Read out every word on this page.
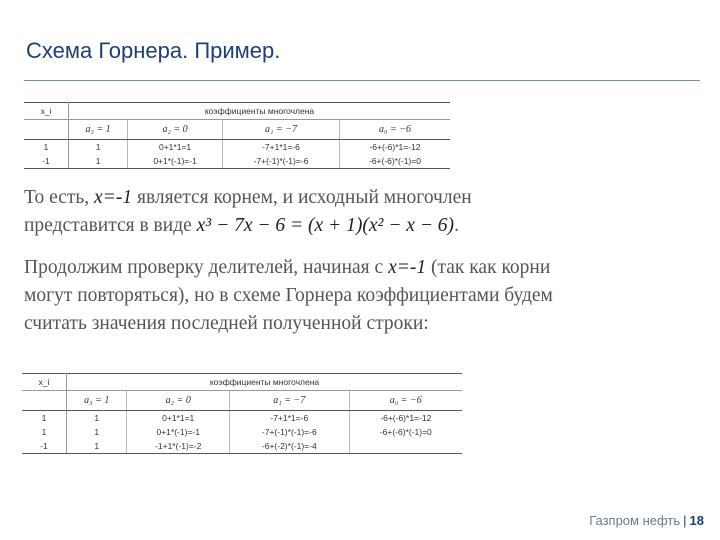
Схема Горнера. Пример.
x_i	коэффициенты многочлена			
	a₃ = 1	a₂ = 0	a₁ = −7	a₀ = −6
1	1	0+1*1=1	-7+1*1=-6	-6+(-6)*1=-12
-1	1	0+1*(-1)=-1	-7+(-1)*(-1)=-6	-6+(-6)*(-1)=0
То есть, x=-1 является корнем, и исходный многочлен
представится в виде x³ − 7x − 6 = (x + 1)(x² − x − 6).
Продолжим проверку делителей, начиная с x=-1 (так как корни
могут повторяться), но в схеме Горнера коэффициентами будем
считать значения последней полученной строки:
x_i	коэффициенты многочлена			
	a₃ = 1	a₂ = 0	a₁ = −7	a₀ = −6
1	1	0+1*1=1	-7+1*1=-6	-6+(-6)*1=-12
1	1	0+1*(-1)=-1	-7+(-1)*(-1)=-6	-6+(-6)*(-1)=0
-1	1	-1+1*(-1)=-2	-6+(-2)*(-1)=-4	
Газпром нефть | 18
